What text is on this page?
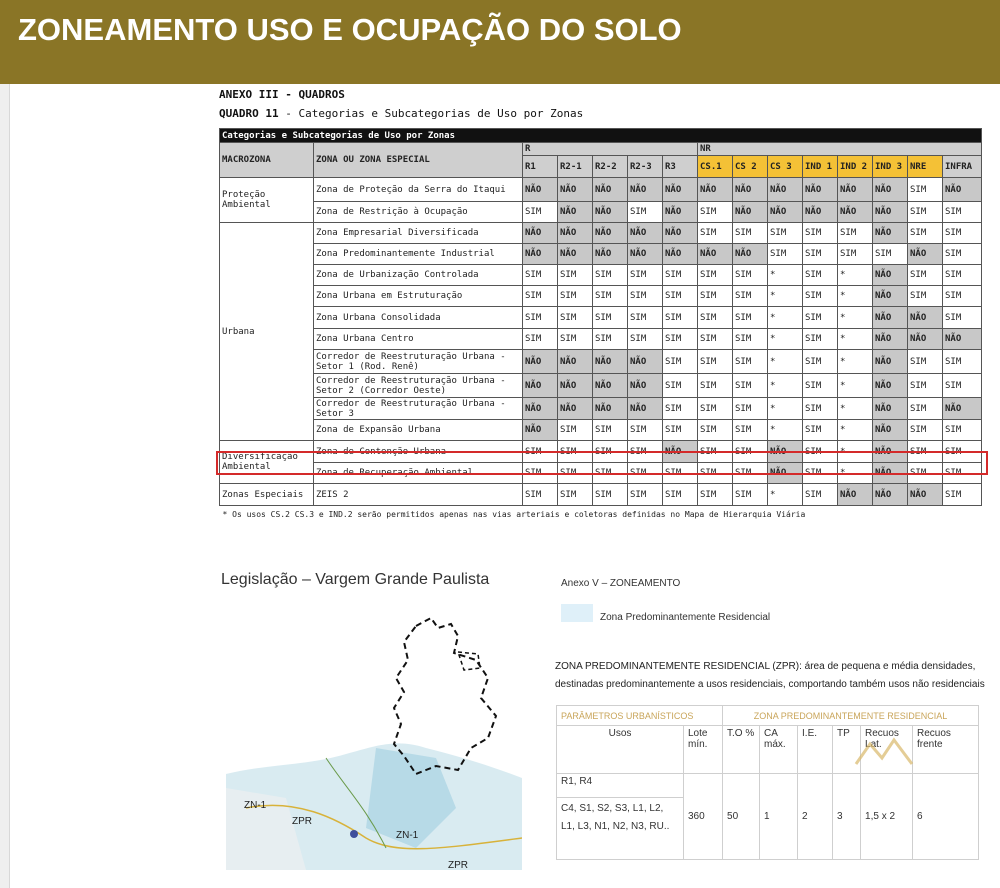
ZONEAMENTO USO E OCUPAÇÃO DO SOLO
ANEXO III - QUADROS
QUADRO 11 - Categorias e Subcategorias de Uso por Zonas
Categorias e Subcategorias de Uso por Zonas														
MACROZONA	ZONA OU ZONA ESPECIAL	R					NR							
		R1	R2-1	R2-2	R2-3	R3	CS.1	CS 2	CS 3	IND 1	IND 2	IND 3	NRE	INFRA
Proteção Ambiental	Zona de Proteção da Serra do Itaqui	NÃO	NÃO	NÃO	NÃO	NÃO	NÃO	NÃO	NÃO	NÃO	NÃO	NÃO	SIM	NÃO
	Zona de Restrição à Ocupação	SIM	NÃO	NÃO	SIM	NÃO	SIM	NÃO	NÃO	NÃO	NÃO	NÃO	SIM	SIM
Urbana	Zona Empresarial Diversificada	NÃO	NÃO	NÃO	NÃO	NÃO	SIM	SIM	SIM	SIM	SIM	NÃO	SIM	SIM
	Zona Predominantemente Industrial	NÃO	NÃO	NÃO	NÃO	NÃO	NÃO	NÃO	SIM	SIM	SIM	SIM	NÃO	SIM
	Zona de Urbanização Controlada	SIM	SIM	SIM	SIM	SIM	SIM	SIM	*	SIM	*	NÃO	SIM	SIM
	Zona Urbana em Estruturação	SIM	SIM	SIM	SIM	SIM	SIM	SIM	*	SIM	*	NÃO	SIM	SIM
	Zona Urbana Consolidada	SIM	SIM	SIM	SIM	SIM	SIM	SIM	*	SIM	*	NÃO	NÃO	SIM
	Zona Urbana Centro	SIM	SIM	SIM	SIM	SIM	SIM	SIM	*	SIM	*	NÃO	NÃO	NÃO
	Corredor de Reestruturação Urbana - Setor 1 (Rod. Renê)	NÃO	NÃO	NÃO	NÃO	SIM	SIM	SIM	*	SIM	*	NÃO	SIM	SIM
	Corredor de Reestruturação Urbana - Setor 2 (Corredor Oeste)	NÃO	NÃO	NÃO	NÃO	SIM	SIM	SIM	*	SIM	*	NÃO	SIM	SIM
	Corredor de Reestruturação Urbana - Setor 3	NÃO	NÃO	NÃO	NÃO	SIM	SIM	SIM	*	SIM	*	NÃO	SIM	NÃO
	Zona de Expansão Urbana	NÃO	SIM	SIM	SIM	SIM	SIM	SIM	*	SIM	*	NÃO	SIM	SIM
Diversificação Ambiental	Zona de Contenção Urbana	SIM	SIM	SIM	SIM	NÃO	SIM	SIM	NÃO	SIM	*	NÃO	SIM	SIM
	Zona de Recuperação Ambiental	SIM	SIM	SIM	SIM	SIM	SIM	SIM	NÃO	SIM	*	NÃO	SIM	SIM
Zonas Especiais	ZEIS 2	SIM	SIM	SIM	SIM	SIM	SIM	SIM	*	SIM	NÃO	NÃO	NÃO	SIM
* Os usos CS.2 CS.3 e IND.2 serão permitidos apenas nas vias arteriais e coletoras definidas no Mapa de Hierarquia Viária														
Legislação – Vargem Grande Paulista
ZN-1
ZPR
ZN-1
ZPR
Anexo V – ZONEAMENTO
Zona Predominantemente Residencial
ZONA PREDOMINANTEMENTE RESIDENCIAL (ZPR): área de pequena e média densidades,
destinadas predominantemente a usos residenciais, comportando também usos não residenciais
PARÂMETROS URBANÍSTICOS		ZONA PREDOMINANTEMENTE RESIDENCIAL					
Usos	Lote mín.	T.O %	CA máx.	I.E.	TP	Recuos Lat.	Recuos frente
R1, R4	360	50	1	2	3	1,5 x 2	6
C4, S1, S2, S3, L1, L2, L1, L3, N1, N2, N3, RU..							
